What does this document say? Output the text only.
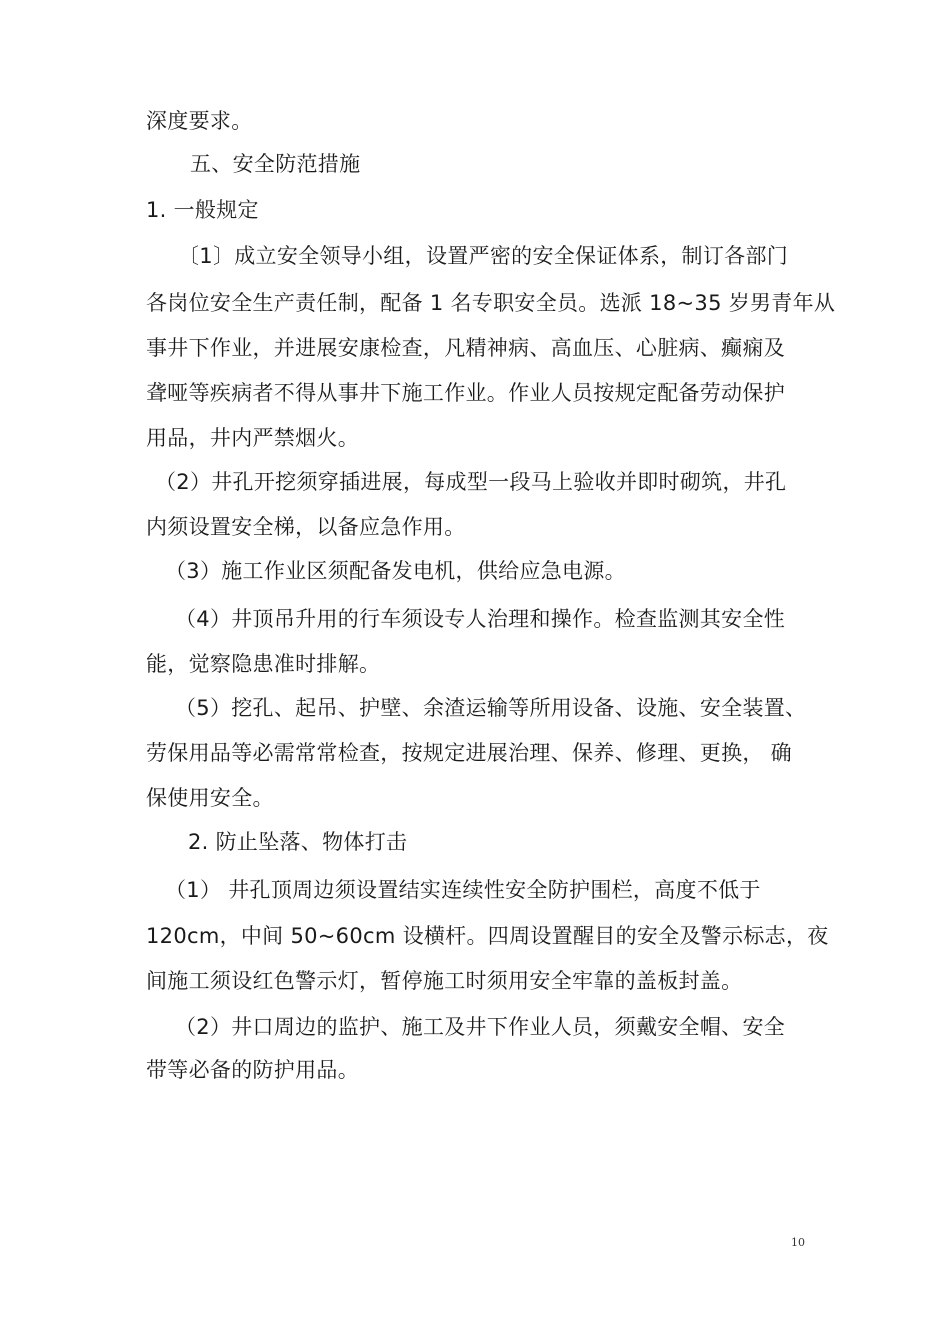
深度要求。
五、安全防范措施
1. 一般规定
〔1〕成立安全领导小组，设置严密的安全保证体系，制订各部门
各岗位安全生产责任制，配备 1 名专职安全员。选派 18~35 岁男青年从
事井下作业，并进展安康检查，凡精神病、高血压、心脏病、癫痫及
聋哑等疾病者不得从事井下施工作业。作业人员按规定配备劳动保护
用品，井内严禁烟火。
（2）井孔开挖须穿插进展，每成型一段马上验收并即时砌筑，井孔
内须设置安全梯，以备应急作用。
（3）施工作业区须配备发电机，供给应急电源。
（4）井顶吊升用的行车须设专人治理和操作。检查监测其安全性
能，觉察隐患准时排解。
（5）挖孔、起吊、护壁、余渣运输等所用设备、设施、安全装置、
劳保用品等必需常常检查，按规定进展治理、保养、修理、更换， 确
保使用安全。
2. 防止坠落、物体打击
（1） 井孔顶周边须设置结实连续性安全防护围栏，高度不低于
120cm，中间 50~60cm 设横杆。四周设置醒目的安全及警示标志，夜
间施工须设红色警示灯，暂停施工时须用安全牢靠的盖板封盖。
（2）井口周边的监护、施工及井下作业人员，须戴安全帽、安全
带等必备的防护用品。
10
